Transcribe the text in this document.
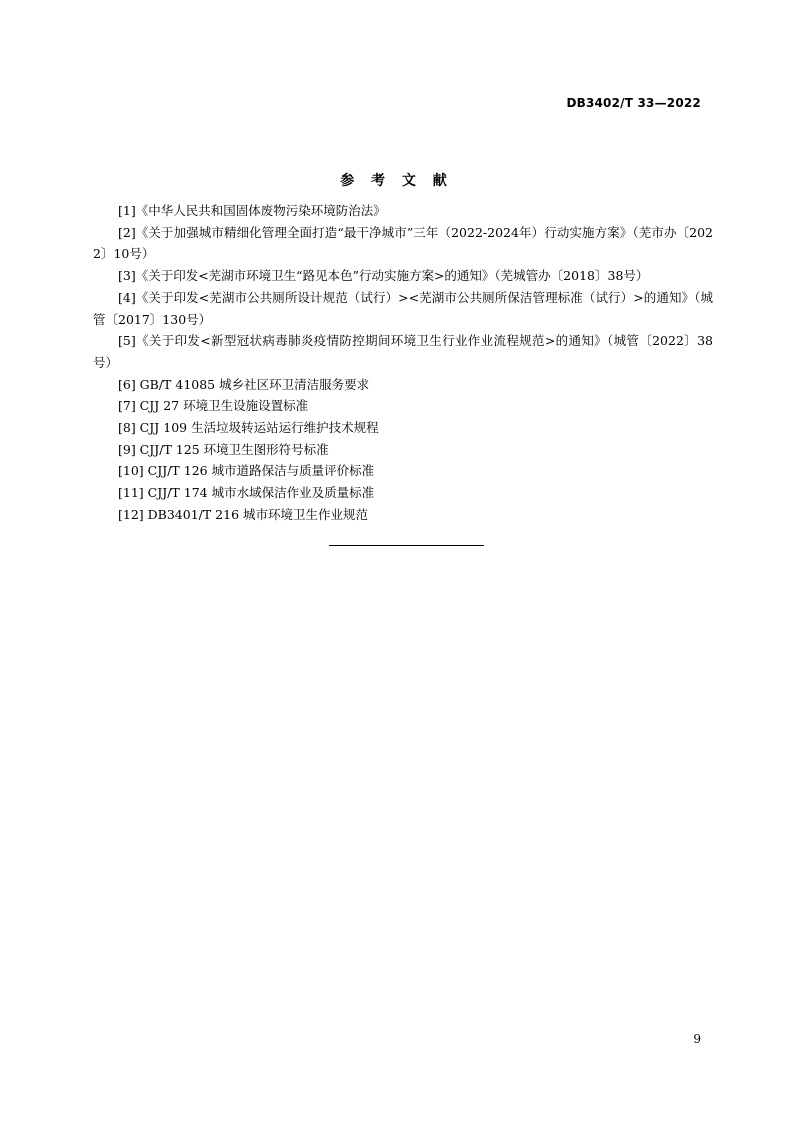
DB3402/T 33—2022
参 考 文 献
[1]《中华人民共和国固体废物污染环境防治法》
[2]《关于加强城市精细化管理全面打造“最干净城市”三年（2022-2024年）行动实施方案》（芜市办〔2022〕10号）
[3]《关于印发<芜湖市环境卫生“路见本色”行动实施方案>的通知》（芜城管办〔2018〕38号）
[4]《关于印发<芜湖市公共厕所设计规范（试行）><芜湖市公共厕所保洁管理标准（试行）>的通知》（城管〔2017〕130号）
[5]《关于印发<新型冠状病毒肺炎疫情防控期间环境卫生行业作业流程规范>的通知》（城管〔2022〕38号）
[6] GB/T 41085 城乡社区环卫清洁服务要求
[7] CJJ 27 环境卫生设施设置标准
[8] CJJ 109 生活垃圾转运站运行维护技术规程
[9] CJJ/T 125 环境卫生图形符号标准
[10] CJJ/T 126 城市道路保洁与质量评价标准
[11] CJJ/T 174 城市水域保洁作业及质量标准
[12] DB3401/T 216 城市环境卫生作业规范
9
